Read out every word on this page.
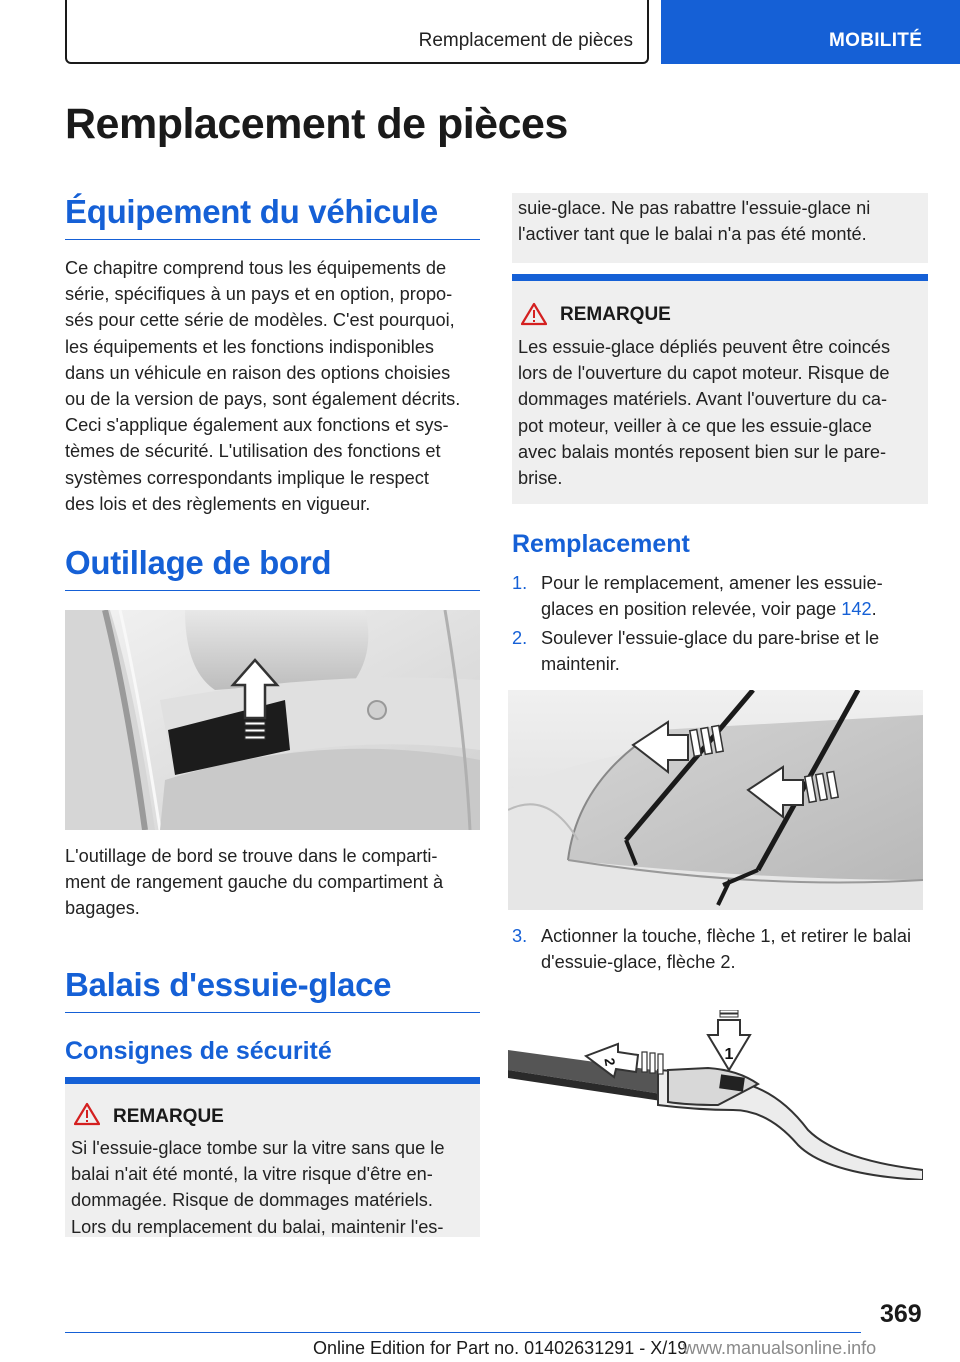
Remplacement de pièces	MOBILITÉ
Remplacement de pièces
Équipement du véhicule
Ce chapitre comprend tous les équipements de
série, spécifiques à un pays et en option, propo-
sés pour cette série de modèles. C'est pourquoi,
les équipements et les fonctions indisponibles
dans un véhicule en raison des options choisies
ou de la version de pays, sont également décrits.
Ceci s'applique également aux fonctions et sys-
tèmes de sécurité. L'utilisation des fonctions et
systèmes correspondants implique le respect
des lois et des règlements en vigueur.
Outillage de bord
L'outillage de bord se trouve dans le comparti-
ment de rangement gauche du compartiment à
bagages.
Balais d'essuie-glace
Consignes de sécurité
REMARQUE
Si l'essuie-glace tombe sur la vitre sans que le
balai n'ait été monté, la vitre risque d'être en-
dommagée. Risque de dommages matériels.
Lors du remplacement du balai, maintenir l'es-
suie-glace. Ne pas rabattre l'essuie-glace ni
l'activer tant que le balai n'a pas été monté.
REMARQUE
Les essuie-glace dépliés peuvent être coincés
lors de l'ouverture du capot moteur. Risque de
dommages matériels. Avant l'ouverture du ca-
pot moteur, veiller à ce que les essuie-glace
avec balais montés reposent bien sur le pare-
brise.
Remplacement
1. Pour le remplacement, amener les essuie-
glaces en position relevée, voir page 142.
2. Soulever l'essuie-glace du pare-brise et le
maintenir.
3. Actionner la touche, flèche 1, et retirer le balai
d'essuie-glace, flèche 2.
1
2
369
Online Edition for Part no. 01402631291 - X/19
www.manualsonline.info
